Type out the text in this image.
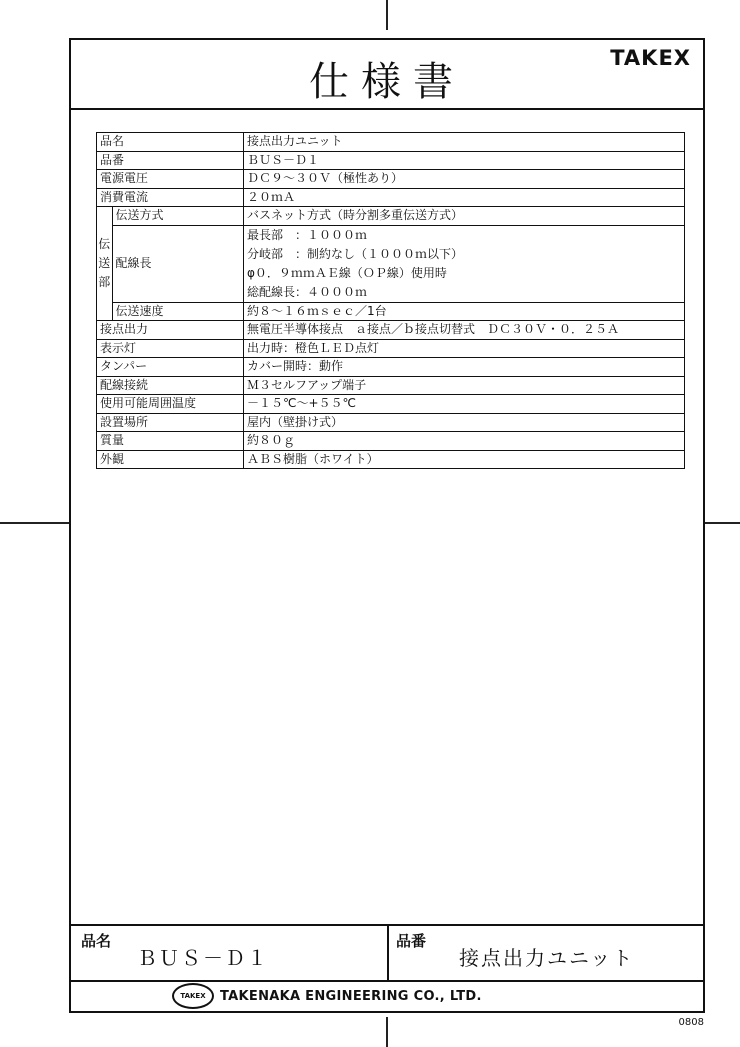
仕様書
TAKEX
品名		接点出力ユニット
品番		ＢＵＳ－Ｄ１
電源電圧		ＤＣ９～３０Ｖ（極性あり）
消費電流		２０ｍＡ
伝
送
部	伝送方式	バスネット方式（時分割多重伝送方式）
	配線長	最長部　：１０００ｍ
分岐部　：制約なし（１０００ｍ以下）
φ０．９ｍｍＡＥ線（ＯＰ線）使用時
総配線長：４０００ｍ

	伝送速度	約８～１６ｍｓｅｃ／1台
接点出力		無電圧半導体接点　ａ接点／ｂ接点切替式　ＤＣ３０Ｖ・０．２５Ａ
表示灯		出力時：橙色ＬＥＤ点灯
タンパー		カバー開時：動作
配線接続		Ｍ３セルフアップ端子
使用可能周囲温度		－１５℃～+５５℃
設置場所		屋内（壁掛け式）
質量		約８０ｇ
外観		ＡＢＳ樹脂（ホワイト）
品名
ＢＵＳ－Ｄ１
品番
接点出力ユニット
TAKEX	TAKENAKA ENGINEERING CO., LTD.
0808
